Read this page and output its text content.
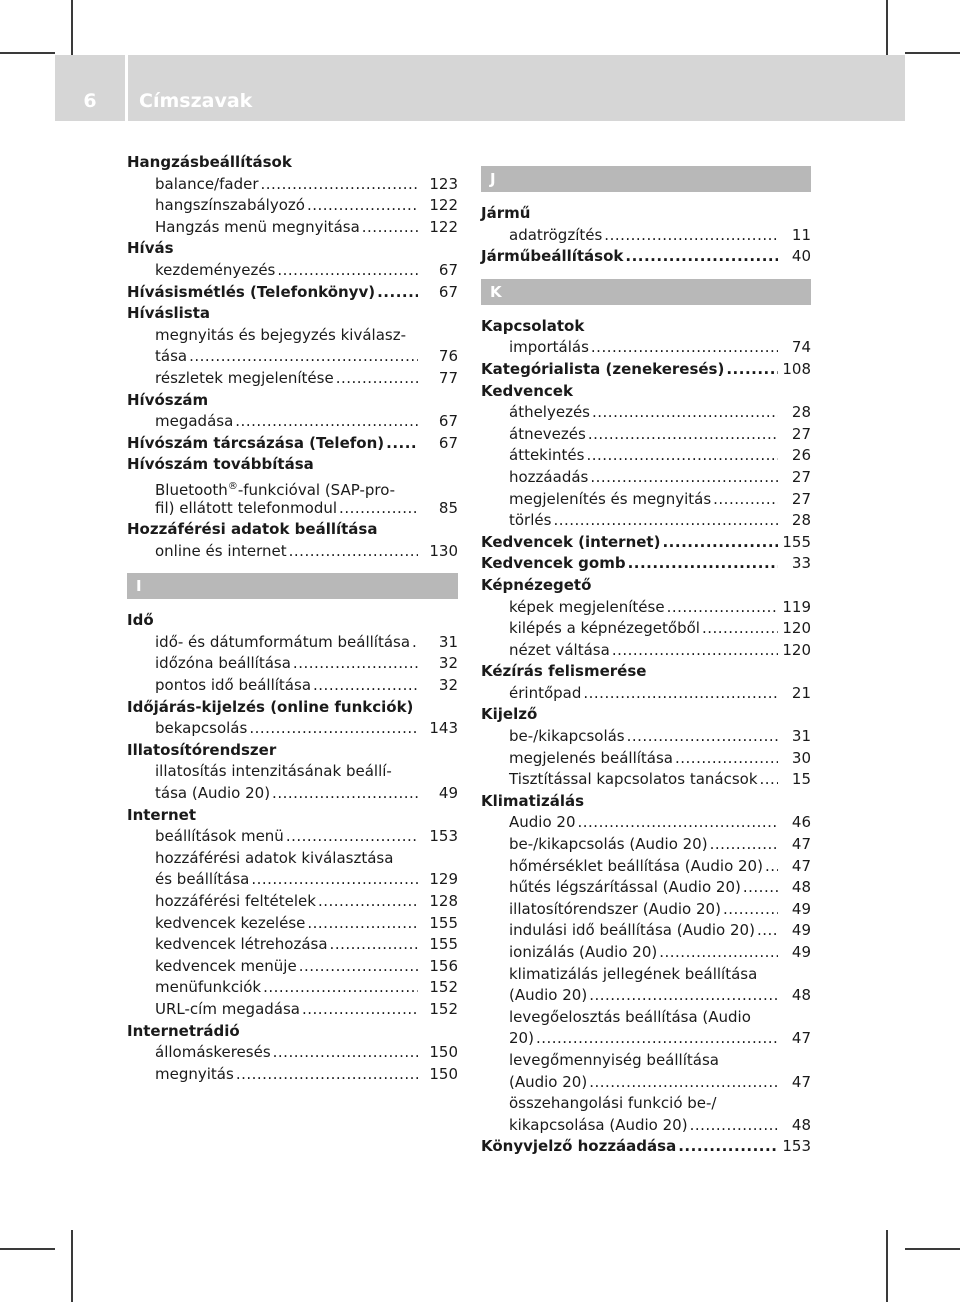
6	Címszavak
Hangzásbeállítások
balance/fader .....	123
hangszínszabályozó .....	122
Hangzás menü megnyitása .....	122
Hívás
kezdeményezés .....	67
Hívásismétlés (Telefonkönyv) .....	67
Híváslista
megnyitás és bejegyzés kiválasz-
tása .....	76
részletek megjelenítése .....	77
Hívószám
megadása .....	67
Hívószám tárcsázása (Telefon) .....	67
Hívószám továbbítása
Bluetooth®-funkcióval (SAP-pro-
fil) ellátott telefonmodul .....	85
Hozzáférési adatok beállítása
online és internet .....	130
I
Idő
idő- és dátumformátum beállítása .....	31
időzóna beállítása .....	32
pontos idő beállítása .....	32
Időjárás-kijelzés (online funkciók)
bekapcsolás .....	143
Illatosítórendszer
illatosítás intenzitásának beállí-
tása (Audio 20) .....	49
Internet
beállítások menü .....	153
hozzáférési adatok kiválasztása
és beállítása .....	129
hozzáférési feltételek .....	128
kedvencek kezelése .....	155
kedvencek létrehozása .....	155
kedvencek menüje .....	156
menüfunkciók .....	152
URL-cím megadása .....	152
Internetrádió
állomáskeresés .....	150
megnyitás .....	150
J
Jármű
adatrögzítés .....	11
Járműbeállítások .....	40
K
Kapcsolatok
importálás .....	74
Kategórialista (zenekeresés) .....	108
Kedvencek
áthelyezés .....	28
átnevezés .....	27
áttekintés .....	26
hozzáadás .....	27
megjelenítés és megnyitás .....	27
törlés .....	28
Kedvencek (internet) .....	155
Kedvencek gomb .....	33
Képnézegető
képek megjelenítése .....	119
kilépés a képnézegetőből .....	120
nézet váltása .....	120
Kézírás felismerése
érintőpad .....	21
Kijelző
be-/kikapcsolás .....	31
megjelenés beállítása .....	30
Tisztítással kapcsolatos tanácsok .....	15
Klimatizálás
Audio 20 .....	46
be-/kikapcsolás (Audio 20) .....	47
hőmérséklet beállítása (Audio 20) .....	47
hűtés légszárítással (Audio 20) .....	48
illatosítórendszer (Audio 20) .....	49
indulási idő beállítása (Audio 20) .....	49
ionizálás (Audio 20) .....	49
klimatizálás jellegének beállítása
(Audio 20) .....	48
levegőelosztás beállítása (Audio
20) .....	47
levegőmennyiség beállítása
(Audio 20) .....	47
összehangolási funkció be-/
kikapcsolása (Audio 20) .....	48
Könyvjelző hozzáadása .....	153
